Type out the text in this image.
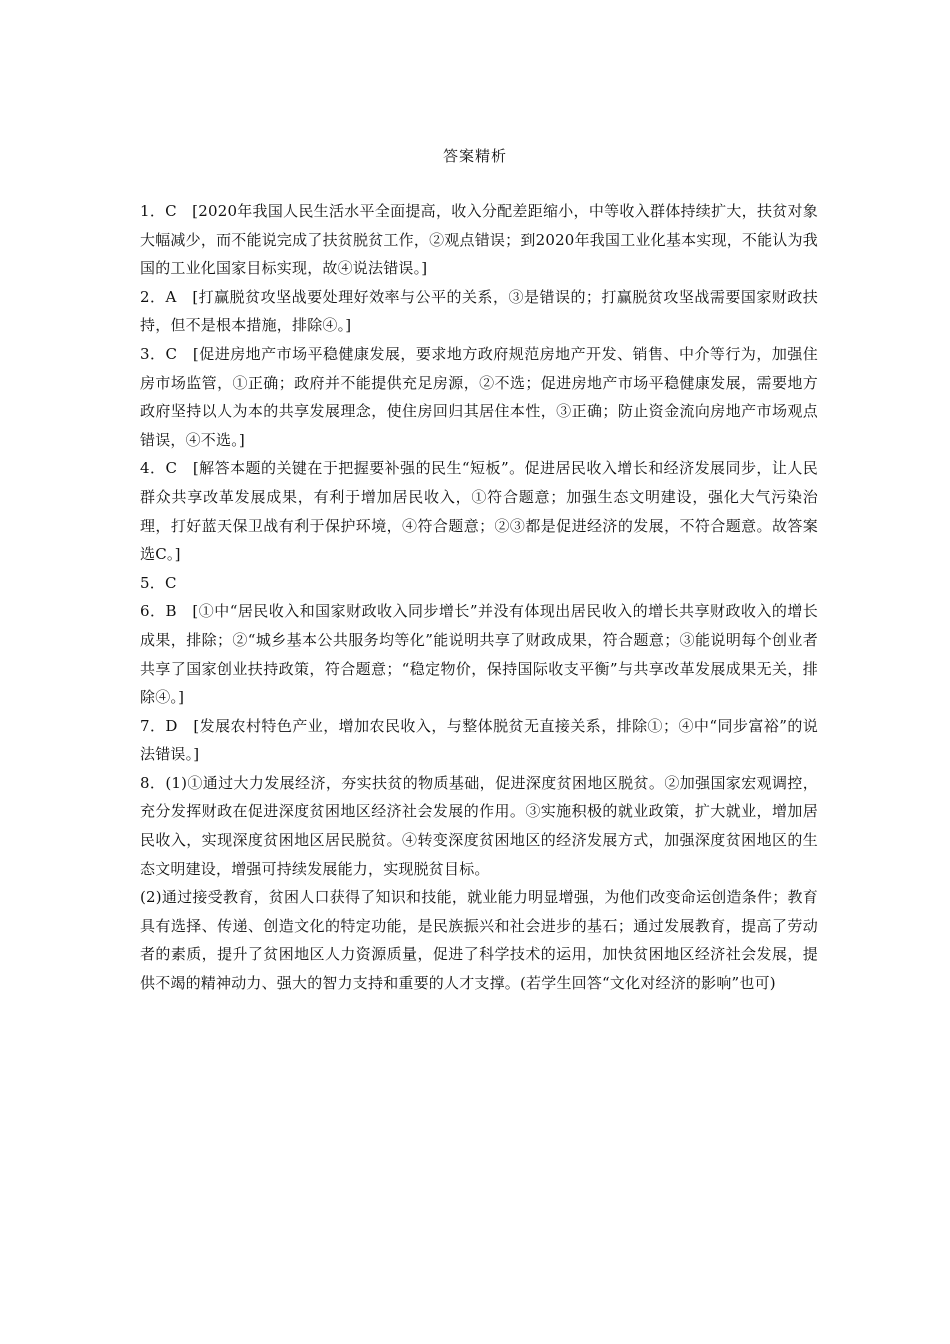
答案精析

1．C　[2020年我国人民生活水平全面提高，收入分配差距缩小，中等收入群体持续扩大，扶贫对象大幅减少，而不能说完成了扶贫脱贫工作，②观点错误；到2020年我国工业化基本实现，不能认为我国的工业化国家目标实现，故④说法错误。]

2．A　[打赢脱贫攻坚战要处理好效率与公平的关系，③是错误的；打赢脱贫攻坚战需要国家财政扶持，但不是根本措施，排除④。]

3．C　[促进房地产市场平稳健康发展，要求地方政府规范房地产开发、销售、中介等行为，加强住房市场监管，①正确；政府并不能提供充足房源，②不选；促进房地产市场平稳健康发展，需要地方政府坚持以人为本的共享发展理念，使住房回归其居住本性，③正确；防止资金流向房地产市场观点错误，④不选。]

4．C　[解答本题的关键在于把握要补强的民生“短板”。促进居民收入增长和经济发展同步，让人民群众共享改革发展成果，有利于增加居民收入，①符合题意；加强生态文明建设，强化大气污染治理，打好蓝天保卫战有利于保护环境，④符合题意；②③都是促进经济的发展，不符合题意。故答案选C。]

5．C

6．B　[①中“居民收入和国家财政收入同步增长”并没有体现出居民收入的增长共享财政收入的增长成果，排除；②“城乡基本公共服务均等化”能说明共享了财政成果，符合题意；③能说明每个创业者共享了国家创业扶持政策，符合题意；“稳定物价，保持国际收支平衡”与共享改革发展成果无关，排除④。]

7．D　[发展农村特色产业，增加农民收入，与整体脱贫无直接关系，排除①；④中“同步富裕”的说法错误。]

8．(1)①通过大力发展经济，夯实扶贫的物质基础，促进深度贫困地区脱贫。②加强国家宏观调控，充分发挥财政在促进深度贫困地区经济社会发展的作用。③实施积极的就业政策，扩大就业，增加居民收入，实现深度贫困地区居民脱贫。④转变深度贫困地区的经济发展方式，加强深度贫困地区的生态文明建设，增强可持续发展能力，实现脱贫目标。

(2)通过接受教育，贫困人口获得了知识和技能，就业能力明显增强，为他们改变命运创造条件；教育具有选择、传递、创造文化的特定功能，是民族振兴和社会进步的基石；通过发展教育，提高了劳动者的素质，提升了贫困地区人力资源质量，促进了科学技术的运用，加快贫困地区经济社会发展，提供不竭的精神动力、强大的智力支持和重要的人才支撑。(若学生回答“文化对经济的影响”也可)
